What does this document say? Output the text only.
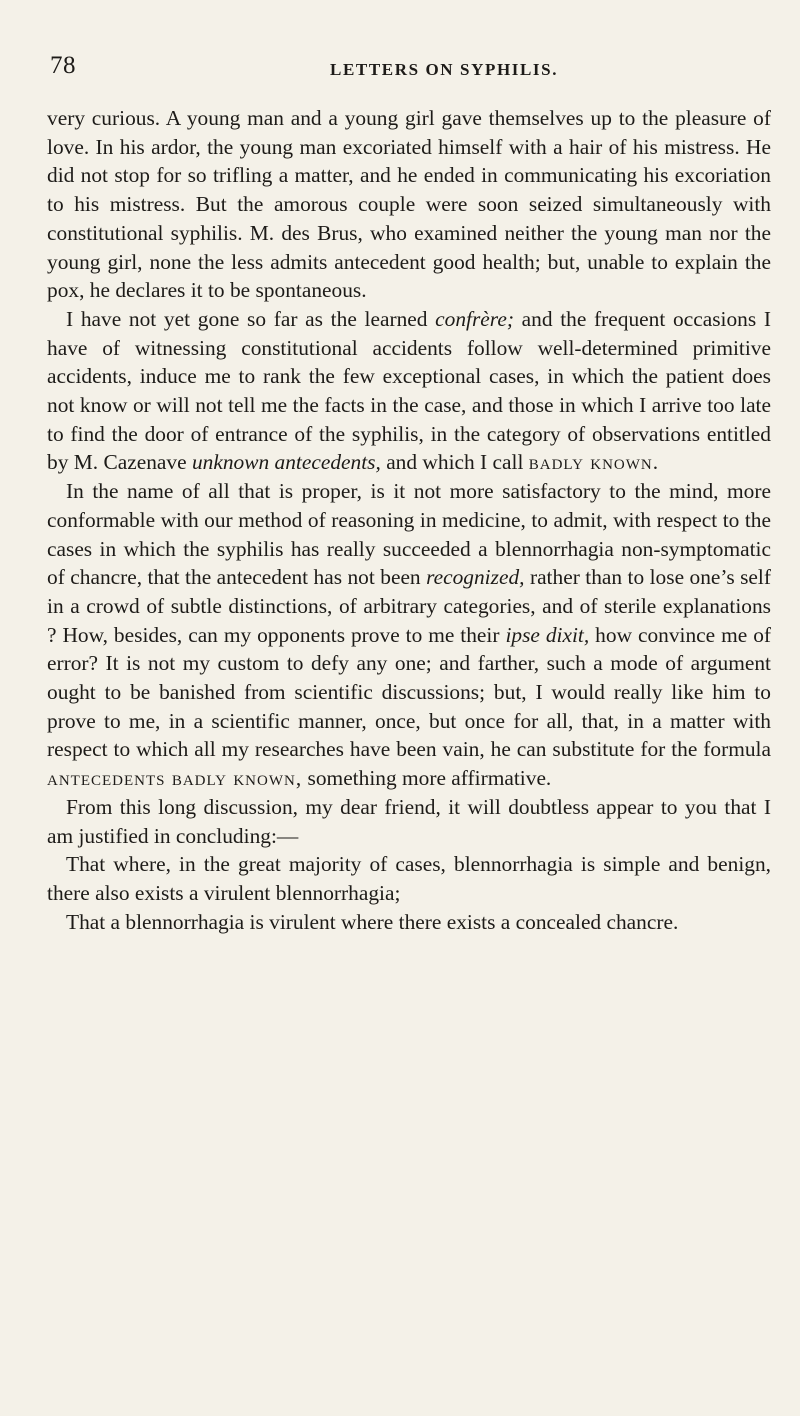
78	LETTERS ON SYPHILIS.

very curious. A young man and a young girl gave themselves up to the pleasure of love. In his ardor, the young man excoriated himself with a hair of his mistress. He did not stop for so trifling a matter, and he ended in communicating his excoriation to his mistress. But the amorous couple were soon seized simultaneously with constitutional syphilis. M. des Brus, who examined neither the young man nor the young girl, none the less admits antecedent good health; but, unable to explain the pox, he declares it to be spontaneous.

I have not yet gone so far as the learned confrère; and the frequent occasions I have of witnessing constitutional accidents follow well-determined primitive accidents, induce me to rank the few exceptional cases, in which the patient does not know or will not tell me the facts in the case, and those in which I arrive too late to find the door of entrance of the syphilis, in the category of observations entitled by M. Cazenave unknown antecedents, and which I call badly known.

In the name of all that is proper, is it not more satisfactory to the mind, more conformable with our method of reasoning in medicine, to admit, with respect to the cases in which the syphilis has really succeeded a blennorrhagia non-symptomatic of chancre, that the antecedent has not been recognized, rather than to lose one’s self in a crowd of subtle distinctions, of arbitrary categories, and of sterile explanations ? How, besides, can my opponents prove to me their ipse dixit, how convince me of error? It is not my custom to defy any one; and farther, such a mode of argument ought to be banished from scientific discussions; but, I would really like him to prove to me, in a scientific manner, once, but once for all, that, in a matter with respect to which all my researches have been vain, he can substitute for the formula antecedents badly known, something more affirmative.

From this long discussion, my dear friend, it will doubtless appear to you that I am justified in concluding:—

That where, in the great majority of cases, blennorrhagia is simple and benign, there also exists a virulent blennorrhagia;

That a blennorrhagia is virulent where there exists a concealed chancre.
